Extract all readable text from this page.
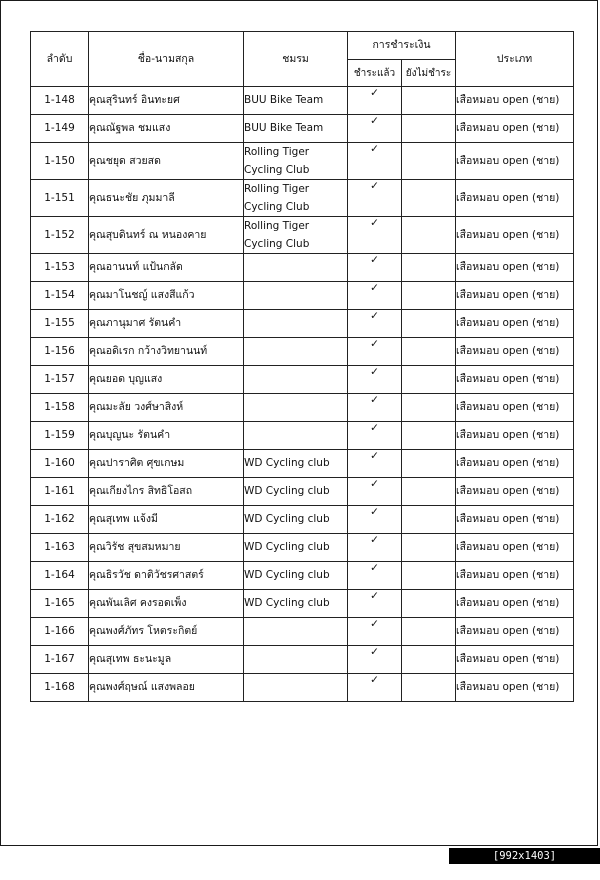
ลำดับ	ชื่อ-นามสกุล	ชมรม	การชำระเงิน		ประเภท
			ชำระแล้ว	ยังไม่ชำระ	
1-148	คุณสุรินทร์ อินทะยศ	BUU Bike Team	✓		เสือหมอบ open (ชาย)
1-149	คุณณัฐพล ชมแสง	BUU Bike Team	✓		เสือหมอบ open (ชาย)
1-150	คุณชยุด สวยสด	Rolling Tiger Cycling Club	✓		เสือหมอบ open (ชาย)
1-151	คุณธนะชัย ภุมมาลี	Rolling Tiger Cycling Club	✓		เสือหมอบ open (ชาย)
1-152	คุณสุบดินทร์ ณ หนองคาย	Rolling Tiger Cycling Club	✓		เสือหมอบ open (ชาย)
1-153	คุณอานนท์ แป้นกลัด		✓		เสือหมอบ open (ชาย)
1-154	คุณมาโนชญ์ แสงสีแก้ว		✓		เสือหมอบ open (ชาย)
1-155	คุณภานุมาศ รัตนคำ		✓		เสือหมอบ open (ชาย)
1-156	คุณอดิเรก กว้างวิทยานนท์		✓		เสือหมอบ open (ชาย)
1-157	คุณยอด บุญแสง		✓		เสือหมอบ open (ชาย)
1-158	คุณมะลัย วงศ์ษาสิงห์		✓		เสือหมอบ open (ชาย)
1-159	คุณบุญนะ รัตนคำ		✓		เสือหมอบ open (ชาย)
1-160	คุณปาราศิต ศุขเกษม	WD Cycling club	✓		เสือหมอบ open (ชาย)
1-161	คุณเกียงไกร สิทธิโอสถ	WD Cycling club	✓		เสือหมอบ open (ชาย)
1-162	คุณสุเทพ แจ้งมี	WD Cycling club	✓		เสือหมอบ open (ชาย)
1-163	คุณวิรัช สุขสมหมาย	WD Cycling club	✓		เสือหมอบ open (ชาย)
1-164	คุณธิรวัช ดาติวัชรศาสตร์	WD Cycling club	✓		เสือหมอบ open (ชาย)
1-165	คุณพันเลิศ คงรอดเพ็ง	WD Cycling club	✓		เสือหมอบ open (ชาย)
1-166	คุณพงศ์ภัทร โหตระกิตย์		✓		เสือหมอบ open (ชาย)
1-167	คุณสุเทพ ธะนะมูล		✓		เสือหมอบ open (ชาย)
1-168	คุณพงศ์ฤษณ์ แสงพลอย		✓		เสือหมอบ open (ชาย)
[992x1403] http://upic.me/
